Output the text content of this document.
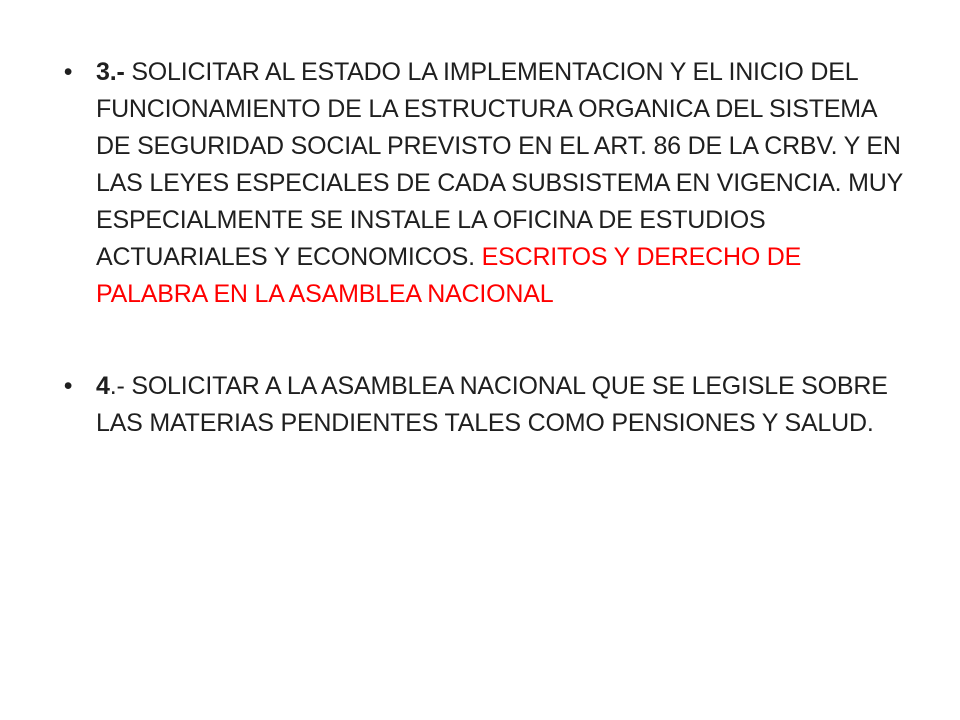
• 3.- SOLICITAR AL ESTADO LA IMPLEMENTACION Y EL INICIO DEL FUNCIONAMIENTO DE LA ESTRUCTURA ORGANICA DEL SISTEMA DE SEGURIDAD SOCIAL PREVISTO EN EL ART. 86 DE LA CRBV. Y EN LAS LEYES ESPECIALES DE CADA SUBSISTEMA EN VIGENCIA. MUY ESPECIALMENTE SE INSTALE LA OFICINA DE ESTUDIOS ACTUARIALES Y ECONOMICOS. ESCRITOS Y DERECHO DE PALABRA EN LA ASAMBLEA NACIONAL
• 4.- SOLICITAR A LA ASAMBLEA NACIONAL QUE SE LEGISLE SOBRE LAS MATERIAS PENDIENTES TALES COMO PENSIONES Y SALUD.
